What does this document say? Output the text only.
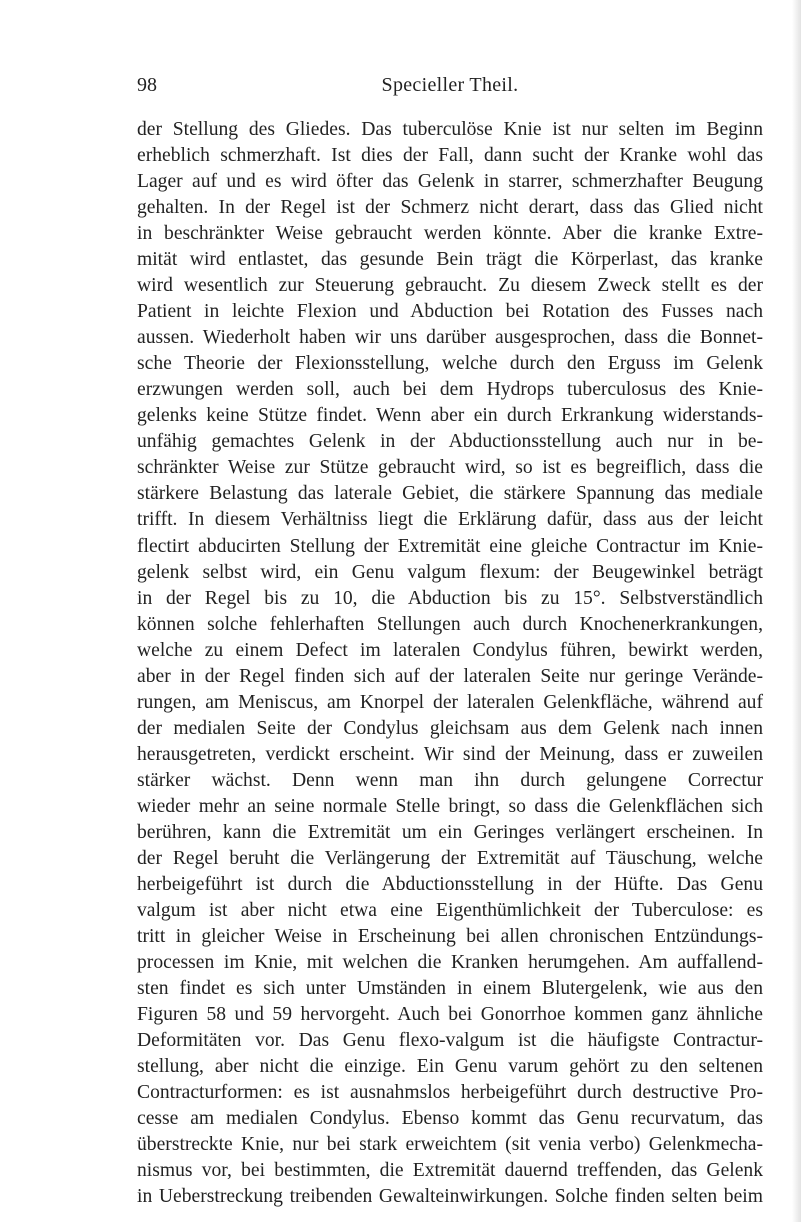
98	Specieller Theil.
der Stellung des Gliedes. Das tuberculöse Knie ist nur selten im Beginn
erheblich schmerzhaft. Ist dies der Fall, dann sucht der Kranke wohl das
Lager auf und es wird öfter das Gelenk in starrer, schmerzhafter Beugung
gehalten. In der Regel ist der Schmerz nicht derart, dass das Glied nicht
in beschränkter Weise gebraucht werden könnte. Aber die kranke Extre-
mität wird entlastet, das gesunde Bein trägt die Körperlast, das kranke
wird wesentlich zur Steuerung gebraucht. Zu diesem Zweck stellt es der
Patient in leichte Flexion und Abduction bei Rotation des Fusses nach
aussen. Wiederholt haben wir uns darüber ausgesprochen, dass die Bonnet-
sche Theorie der Flexionsstellung, welche durch den Erguss im Gelenk
erzwungen werden soll, auch bei dem Hydrops tuberculosus des Knie-
gelenks keine Stütze findet. Wenn aber ein durch Erkrankung widerstands-
unfähig gemachtes Gelenk in der Abductionsstellung auch nur in be-
schränkter Weise zur Stütze gebraucht wird, so ist es begreiflich, dass die
stärkere Belastung das laterale Gebiet, die stärkere Spannung das mediale
trifft. In diesem Verhältniss liegt die Erklärung dafür, dass aus der leicht
flectirt abducirten Stellung der Extremität eine gleiche Contractur im Knie-
gelenk selbst wird, ein Genu valgum flexum: der Beugewinkel beträgt
in der Regel bis zu 10, die Abduction bis zu 15°. Selbstverständlich
können solche fehlerhaften Stellungen auch durch Knochenerkrankungen,
welche zu einem Defect im lateralen Condylus führen, bewirkt werden,
aber in der Regel finden sich auf der lateralen Seite nur geringe Verände-
rungen, am Meniscus, am Knorpel der lateralen Gelenkfläche, während auf
der medialen Seite der Condylus gleichsam aus dem Gelenk nach innen
herausgetreten, verdickt erscheint. Wir sind der Meinung, dass er zuweilen
stärker wächst. Denn wenn man ihn durch gelungene Correctur
wieder mehr an seine normale Stelle bringt, so dass die Gelenkflächen sich
berühren, kann die Extremität um ein Geringes verlängert erscheinen. In
der Regel beruht die Verlängerung der Extremität auf Täuschung, welche
herbeigeführt ist durch die Abductionsstellung in der Hüfte. Das Genu
valgum ist aber nicht etwa eine Eigenthümlichkeit der Tuberculose: es
tritt in gleicher Weise in Erscheinung bei allen chronischen Entzündungs-
processen im Knie, mit welchen die Kranken herumgehen. Am auffallend-
sten findet es sich unter Umständen in einem Blutergelenk, wie aus den
Figuren 58 und 59 hervorgeht. Auch bei Gonorrhoe kommen ganz ähnliche
Deformitäten vor. Das Genu flexo-valgum ist die häufigste Contractur-
stellung, aber nicht die einzige. Ein Genu varum gehört zu den seltenen
Contracturformen: es ist ausnahmslos herbeigeführt durch destructive Pro-
cesse am medialen Condylus. Ebenso kommt das Genu recurvatum, das
überstreckte Knie, nur bei stark erweichtem (sit venia verbo) Gelenkmecha-
nismus vor, bei bestimmten, die Extremität dauernd treffenden, das Gelenk
in Ueberstreckung treibenden Gewalteinwirkungen. Solche finden selten beim
